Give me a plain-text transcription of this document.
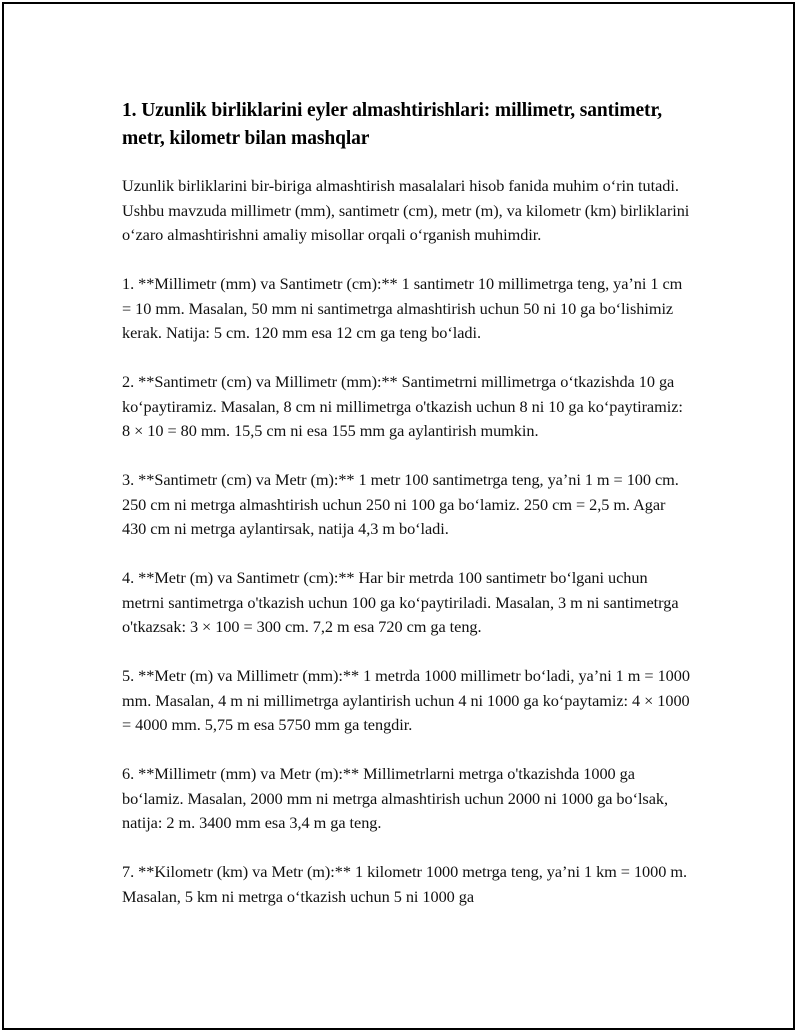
1. Uzunlik birliklarini eyler almashtirishlari: millimetr, santimetr, metr, kilometr bilan mashqlar

Uzunlik birliklarini bir-biriga almashtirish masalalari hisob fanida muhim o‘rin tutadi. Ushbu mavzuda millimetr (mm), santimetr (cm), metr (m), va kilometr (km) birliklarini o‘zaro almashtirishni amaliy misollar orqali o‘rganish muhimdir.

1. **Millimetr (mm) va Santimetr (cm):** 1 santimetr 10 millimetrga teng, ya’ni 1 cm = 10 mm. Masalan, 50 mm ni santimetrga almashtirish uchun 50 ni 10 ga bo‘lishimiz kerak. Natija: 5 cm. 120 mm esa 12 cm ga teng bo‘ladi.

2. **Santimetr (cm) va Millimetr (mm):** Santimetrni millimetrga o‘tkazishda 10 ga ko‘paytiramiz. Masalan, 8 cm ni millimetrga o'tkazish uchun 8 ni 10 ga ko‘paytiramiz: 8 × 10 = 80 mm. 15,5 cm ni esa 155 mm ga aylantirish mumkin.

3. **Santimetr (cm) va Metr (m):** 1 metr 100 santimetrga teng, ya’ni 1 m = 100 cm. 250 cm ni metrga almashtirish uchun 250 ni 100 ga bo‘lamiz. 250 cm = 2,5 m. Agar 430 cm ni metrga aylantirsak, natija 4,3 m bo‘ladi.

4. **Metr (m) va Santimetr (cm):** Har bir metrda 100 santimetr bo‘lgani uchun metrni santimetrga o'tkazish uchun 100 ga ko‘paytiriladi. Masalan, 3 m ni santimetrga o'tkazsak: 3 × 100 = 300 cm. 7,2 m esa 720 cm ga teng.

5. **Metr (m) va Millimetr (mm):** 1 metrda 1000 millimetr bo‘ladi, ya’ni 1 m = 1000 mm. Masalan, 4 m ni millimetrga aylantirish uchun 4 ni 1000 ga ko‘paytamiz: 4 × 1000 = 4000 mm. 5,75 m esa 5750 mm ga tengdir.

6. **Millimetr (mm) va Metr (m):** Millimetrlarni metrga o'tkazishda 1000 ga bo‘lamiz. Masalan, 2000 mm ni metrga almashtirish uchun 2000 ni 1000 ga bo‘lsak, natija: 2 m. 3400 mm esa 3,4 m ga teng.

7. **Kilometr (km) va Metr (m):** 1 kilometr 1000 metrga teng, ya’ni 1 km = 1000 m. Masalan, 5 km ni metrga o‘tkazish uchun 5 ni 1000 ga
